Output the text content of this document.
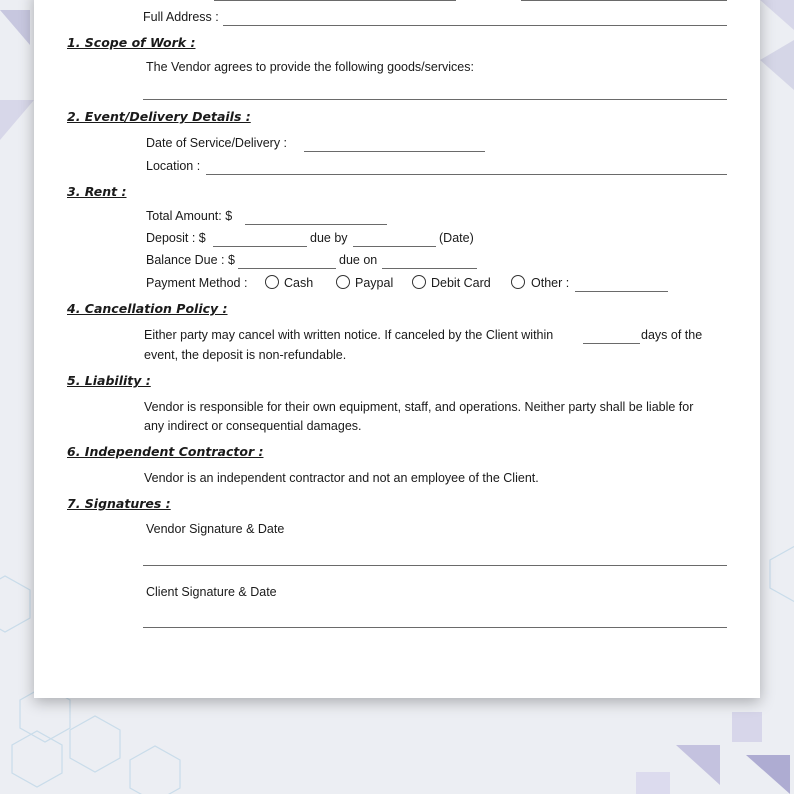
Full Address :
1. Scope of Work :
The Vendor agrees to provide the following goods/services:
2. Event/Delivery Details :
Date of Service/Delivery :
Location :
3. Rent :
Total Amount: $
Deposit : $	due by	(Date)
Balance Due : $	due on
Payment Method :	Cash	Paypal	Debit Card	Other :
4. Cancellation Policy :
Either party may cancel with written notice. If canceled by the Client within	days of the
event, the deposit is non-refundable.
5. Liability :
Vendor is responsible for their own equipment, staff, and operations. Neither party shall be liable for
any indirect or consequential damages.
6. Independent Contractor :
Vendor is an independent contractor and not an employee of the Client.
7. Signatures :
Vendor Signature & Date
Client Signature & Date
